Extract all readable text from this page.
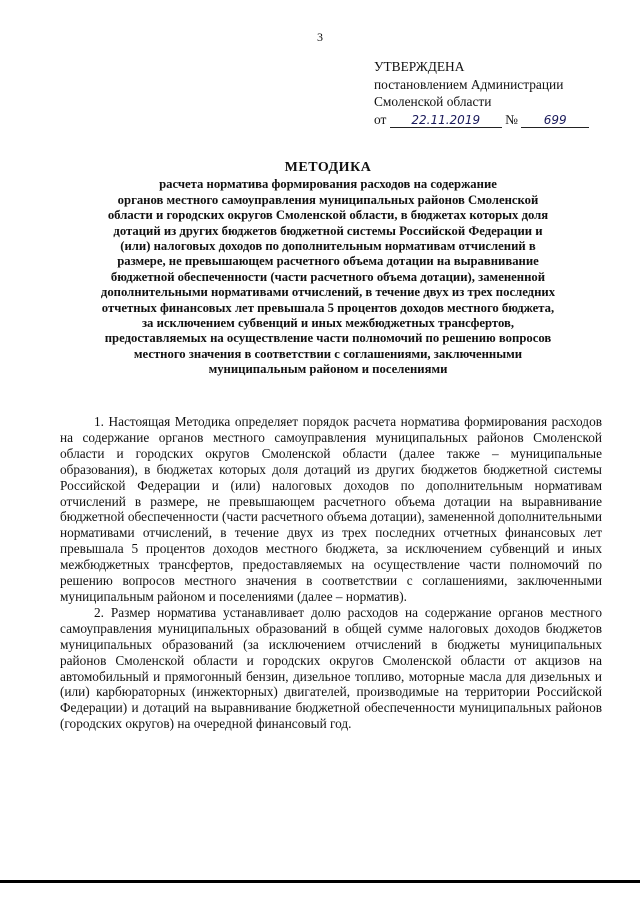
3
УТВЕРЖДЕНА
постановлением Администрации
Смоленской области
от 22.11.2019 № 699
МЕТОДИКА
расчета норматива формирования расходов на содержание
органов местного самоуправления муниципальных районов Смоленской
области и городских округов Смоленской области, в бюджетах которых доля
дотаций из других бюджетов бюджетной системы Российской Федерации и
(или) налоговых доходов по дополнительным нормативам отчислений в
размере, не превышающем расчетного объема дотации на выравнивание
бюджетной обеспеченности (части расчетного объема дотации), замененной
дополнительными нормативами отчислений, в течение двух из трех последних
отчетных финансовых лет превышала 5 процентов доходов местного бюджета,
за исключением субвенций и иных межбюджетных трансфертов,
предоставляемых на осуществление части полномочий по решению вопросов
местного значения в соответствии с соглашениями, заключенными
муниципальным районом и поселениями

1. Настоящая Методика определяет порядок расчета норматива формирования расходов на содержание органов местного самоуправления муниципальных районов Смоленской области и городских округов Смоленской области (далее также – муниципальные образования), в бюджетах которых доля дотаций из других бюджетов бюджетной системы Российской Федерации и (или) налоговых доходов по дополнительным нормативам отчислений в размере, не превышающем расчетного объема дотации на выравнивание бюджетной обеспеченности (части расчетного объема дотации), замененной дополнительными нормативами отчислений, в течение двух из трех последних отчетных финансовых лет превышала 5 процентов доходов местного бюджета, за исключением субвенций и иных межбюджетных трансфертов, предоставляемых на осуществление части полномочий по решению вопросов местного значения в соответствии с соглашениями, заключенными муниципальным районом и поселениями (далее – норматив).

2. Размер норматива устанавливает долю расходов на содержание органов местного самоуправления муниципальных образований в общей сумме налоговых доходов бюджетов муниципальных образований (за исключением отчислений в бюджеты муниципальных районов Смоленской области и городских округов Смоленской области от акцизов на автомобильный и прямогонный бензин, дизельное топливо, моторные масла для дизельных и (или) карбюраторных (инжекторных) двигателей, производимые на территории Российской Федерации) и дотаций на выравнивание бюджетной обеспеченности муниципальных районов (городских округов) на очередной финансовый год.
